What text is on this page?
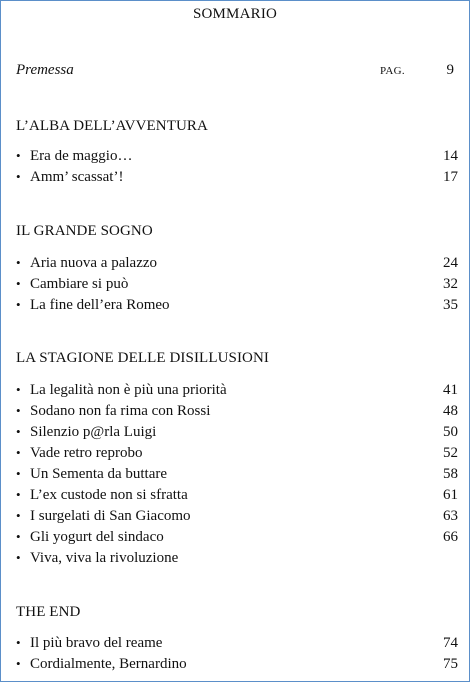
SOMMARIO
Premessa	PAG.	9
L’ALBA DELL’AVVENTURA
• Era de maggio…	14
• Amm’ scassat’!	17
IL GRANDE SOGNO
• Aria nuova a palazzo	24
• Cambiare si può	32
• La fine dell’era Romeo	35
LA STAGIONE DELLE DISILLUSIONI
• La legalità non è più una priorità	41
• Sodano non fa rima con Rossi	48
• Silenzio p@rla Luigi	50
• Vade retro reprobo	52
• Un Sementa da buttare	58
• L’ex custode non si sfratta	61
• I surgelati di San Giacomo	63
• Gli yogurt del sindaco	66
• Viva, viva la rivoluzione
THE END
• Il più bravo del reame	74
• Cordialmente, Bernardino	75
